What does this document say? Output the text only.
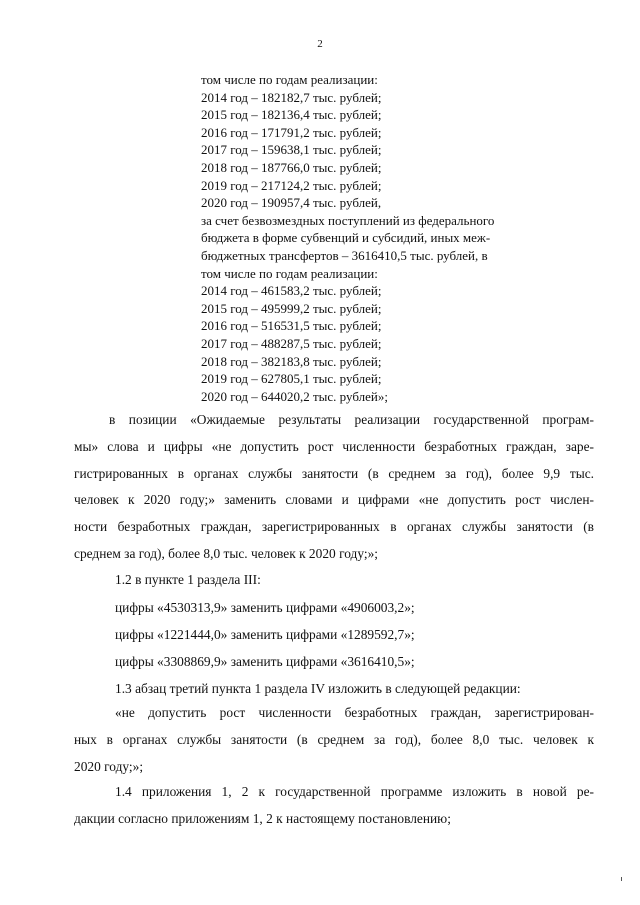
2
том числе по годам реализации:
2014 год – 182182,7 тыс. рублей;
2015 год – 182136,4 тыс. рублей;
2016 год – 171791,2 тыс. рублей;
2017 год – 159638,1 тыс. рублей;
2018 год – 187766,0 тыс. рублей;
2019 год – 217124,2 тыс. рублей;
2020 год – 190957,4 тыс. рублей,
за счет безвозмездных поступлений из федерального
бюджета в форме субвенций и субсидий, иных меж-
бюджетных трансфертов – 3616410,5 тыс. рублей, в
том числе по годам реализации:
2014 год – 461583,2 тыс. рублей;
2015 год – 495999,2 тыс. рублей;
2016 год – 516531,5 тыс. рублей;
2017 год – 488287,5 тыс. рублей;
2018 год – 382183,8 тыс. рублей;
2019 год – 627805,1 тыс. рублей;
2020 год – 644020,2 тыс. рублей»;
в позиции «Ожидаемые результаты реализации государственной програм-
мы» слова и цифры «не допустить рост численности безработных граждан, заре-
гистрированных в органах службы занятости (в среднем за год), более 9,9 тыс.
человек к 2020 году;» заменить словами и цифрами «не допустить рост числен-
ности безработных граждан, зарегистрированных в органах службы занятости (в
среднем за год), более 8,0 тыс. человек к 2020 году;»;
1.2 в пункте 1 раздела III:
цифры «4530313,9» заменить цифрами «4906003,2»;
цифры «1221444,0» заменить цифрами «1289592,7»;
цифры «3308869,9» заменить цифрами «3616410,5»;
1.3 абзац третий пункта 1 раздела IV изложить в следующей редакции:
«не допустить рост численности безработных граждан, зарегистрирован-
ных в органах службы занятости (в среднем за год), более 8,0 тыс. человек к
2020 году;»;
1.4 приложения 1, 2 к государственной программе изложить в новой ре-
дакции согласно приложениям 1, 2 к настоящему постановлению;
